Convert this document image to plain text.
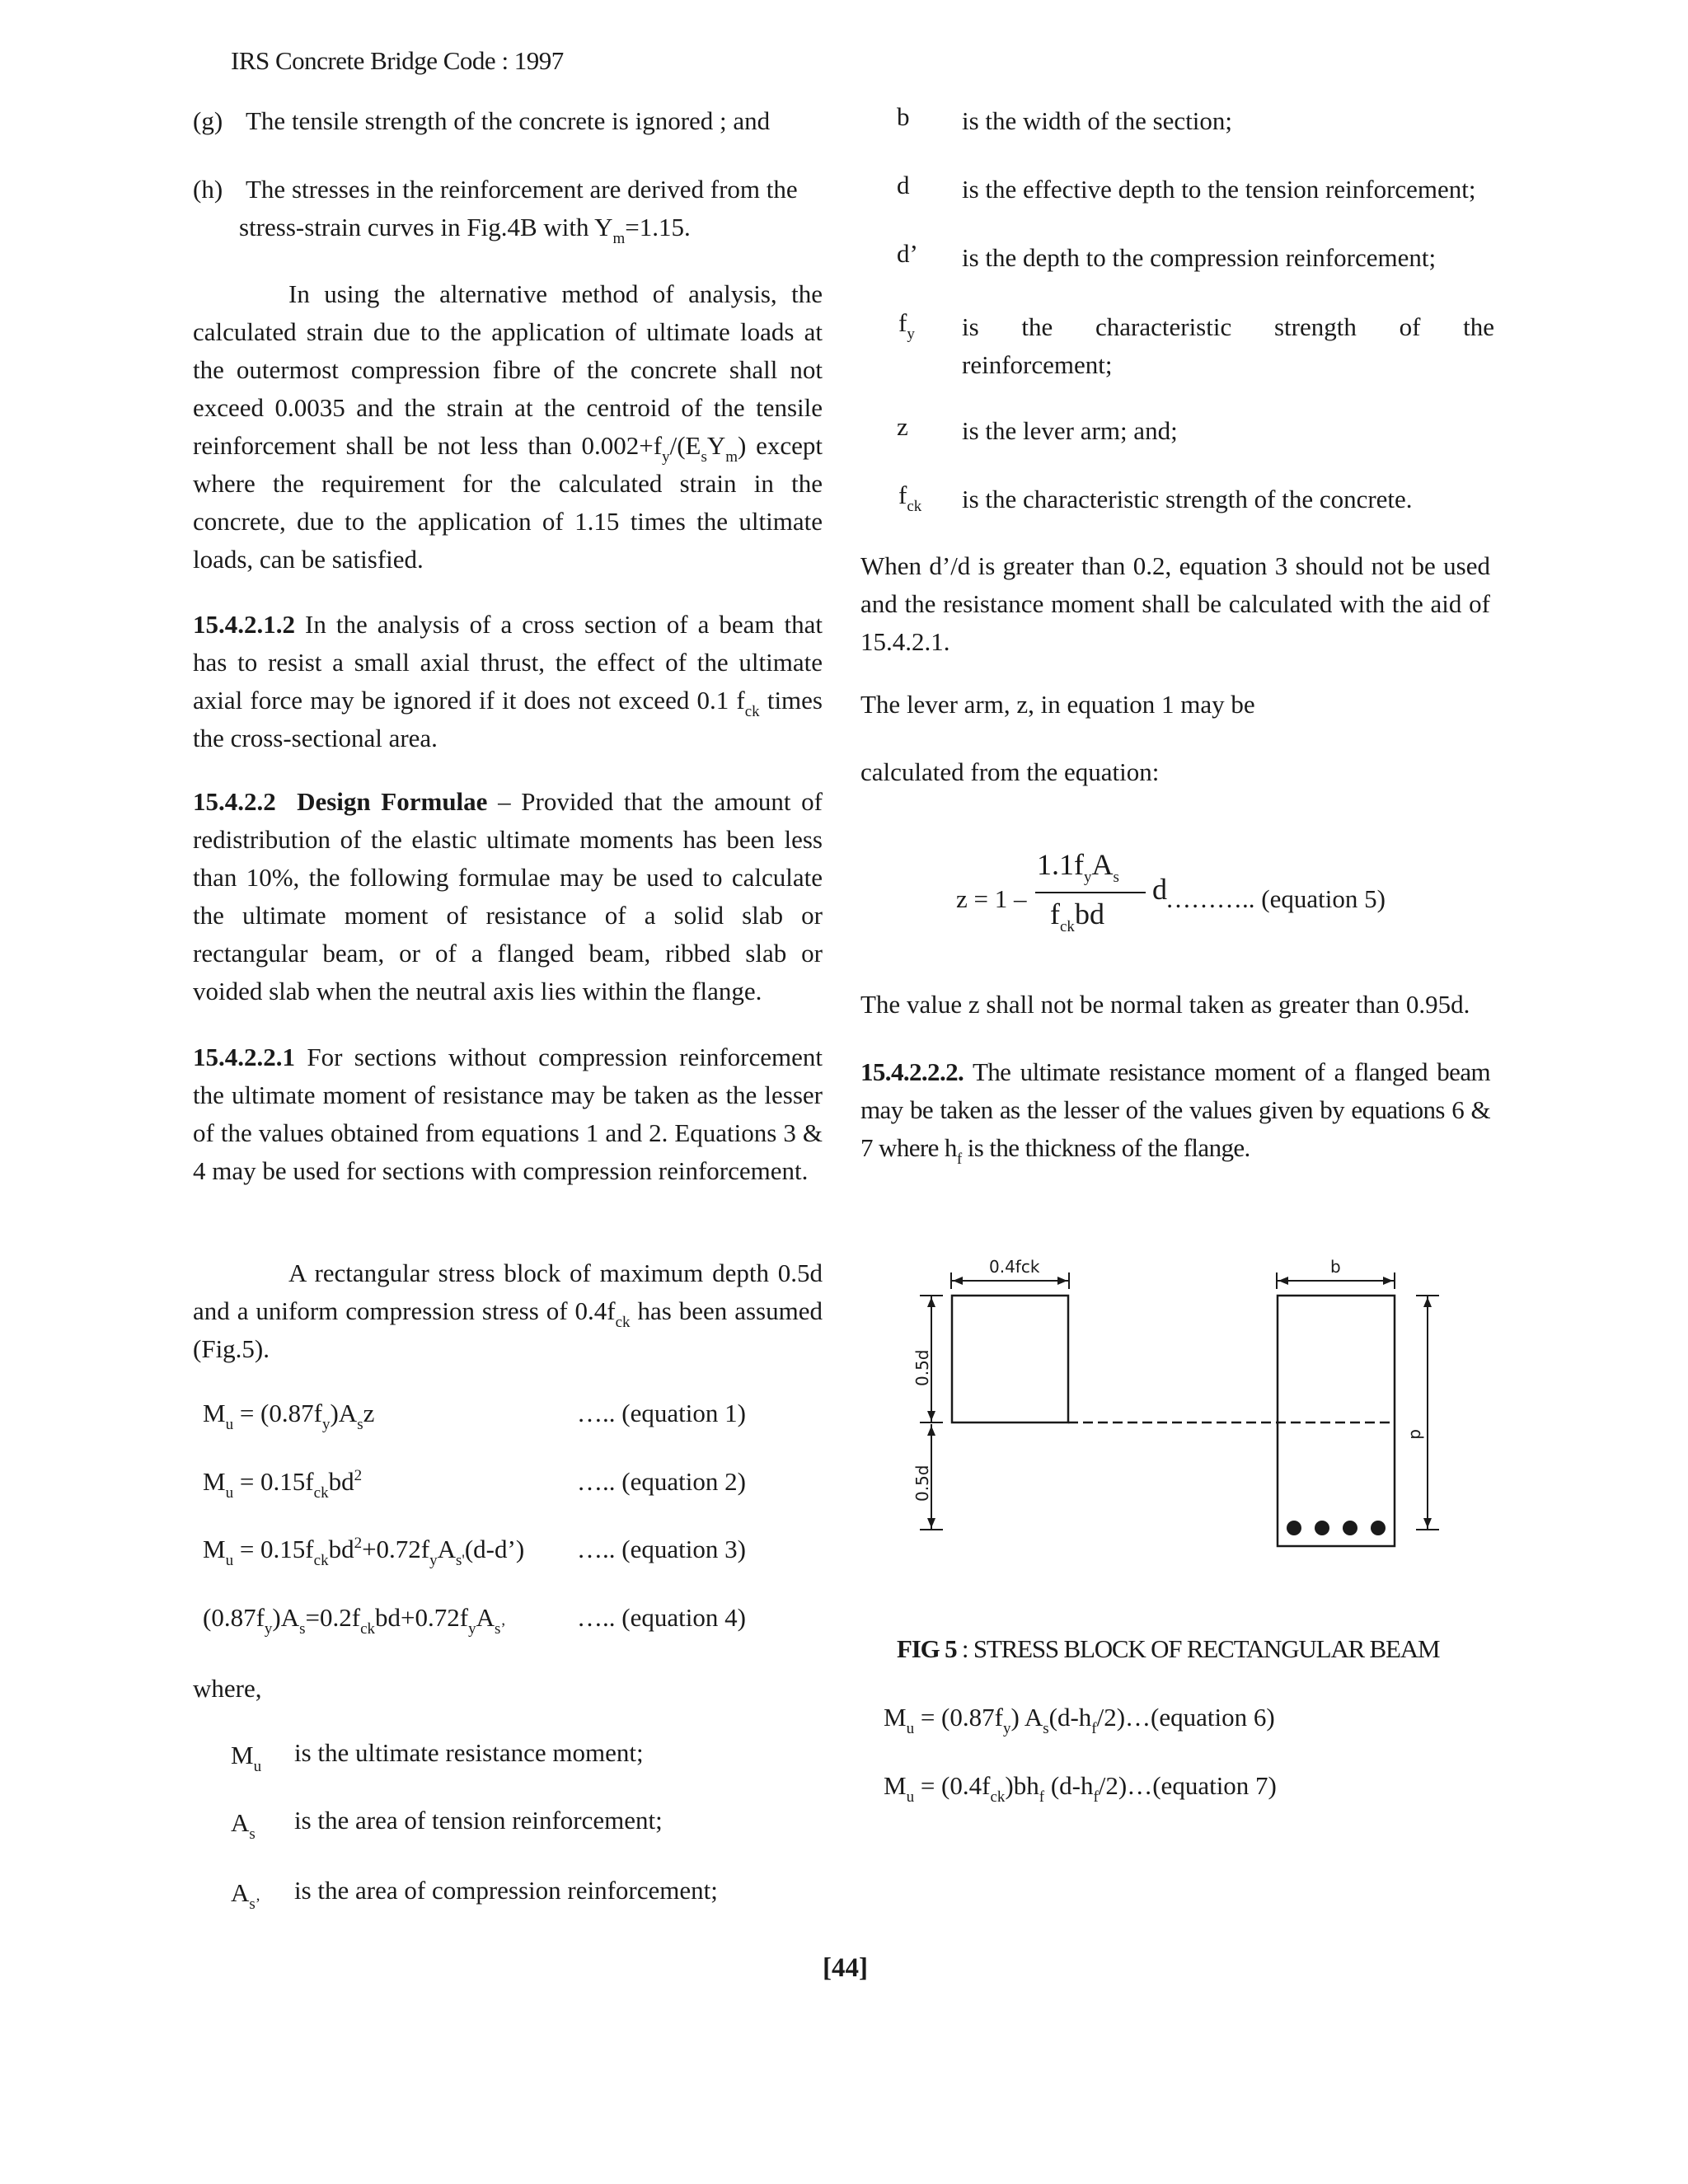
IRS Concrete Bridge Code : 1997
(g) The tensile strength of the concrete is ignored ; and
(h) The stresses in the reinforcement are derived from the
stress-strain curves in Fig.4B with $Y_m=1.15$.

In using the alternative method of analysis, the calculated strain due to the application of ultimate loads at the outermost compression fibre of the concrete shall not exceed 0.0035 and the strain at the centroid of the tensile reinforcement shall be not less than $0.002+f_y/(E_sY_m)$ except where the requirement for the calculated strain in the concrete, due to the application of 1.15 times the ultimate loads, can be satisfied.

15.4.2.1.2 In the analysis of a cross section of a beam that has to resist a small axial thrust, the effect of the ultimate axial force may be ignored if it does not exceed 0.1 $f_{ck}$ times the cross-sectional area.

15.4.2.2 Design Formulae – Provided that the amount of redistribution of the elastic ultimate moments has been less than 10%, the following formulae may be used to calculate the ultimate moment of resistance of a solid slab or rectangular beam, or of a flanged beam, ribbed slab or voided slab when the neutral axis lies within the flange.

15.4.2.2.1 For sections without compression reinforcement the ultimate moment of resistance may be taken as the lesser of the values obtained from equations 1 and 2. Equations 3 & 4 may be used for sections with compression reinforcement.

A rectangular stress block of maximum depth 0.5d and a uniform compression stress of $0.4f_{ck}$ has been assumed (Fig.5).

$M_u = (0.87f_y)A_sz$	….. (equation 1)
$M_u = 0.15f_{ck}bd^2$	….. (equation 2)
$M_u$ = $0.15f_{ck}bd^2+0.72f_yA_{s'}(d-d’)$ ….. (equation 3)
$(0.87f_y)A_s=0.2f_{ck}bd+0.72f_yA_{s’}$	….. (equation 4)
where,
$M_u$ is the ultimate resistance moment;
$A_s$ is the area of tension reinforcement;
$A_{s’}$ is the area of compression reinforcement;
b is the width of the section;
d is the effective depth to the tension reinforcement;
d’ is the depth to the compression reinforcement;
$f_y$ is the characteristic strength of the reinforcement;
z is the lever arm; and;
$f_{ck}$ is the characteristic strength of the concrete.

When d’/d is greater than 0.2, equation 3 should not be used and the resistance moment shall be calculated with the aid of 15.4.2.1.

The lever arm, z, in equation 1 may be
calculated from the equation:
z = 1 –
$1.1f_yA_s$
$f_{ck}bd$
d
……….. (equation 5)
The value z shall not be normal taken as greater than 0.95d.

15.4.2.2.2. The ultimate resistance moment of a flanged beam may be taken as the lesser of the values given by equations 6 & 7 where $h_f$ is the thickness of the flange.

0.4fck
0.5d
0.5d
b
d
FIG 5 : STRESS BLOCK OF RECTANGULAR BEAM
$M_u = (0.87f_y)$ $A_s(d-h_f/2)\dots(equation$ 6)
$M_u = (0.4f_{ck})bh_f$ $(d-h_f/2)\dots(equation$ 7)
[44]
